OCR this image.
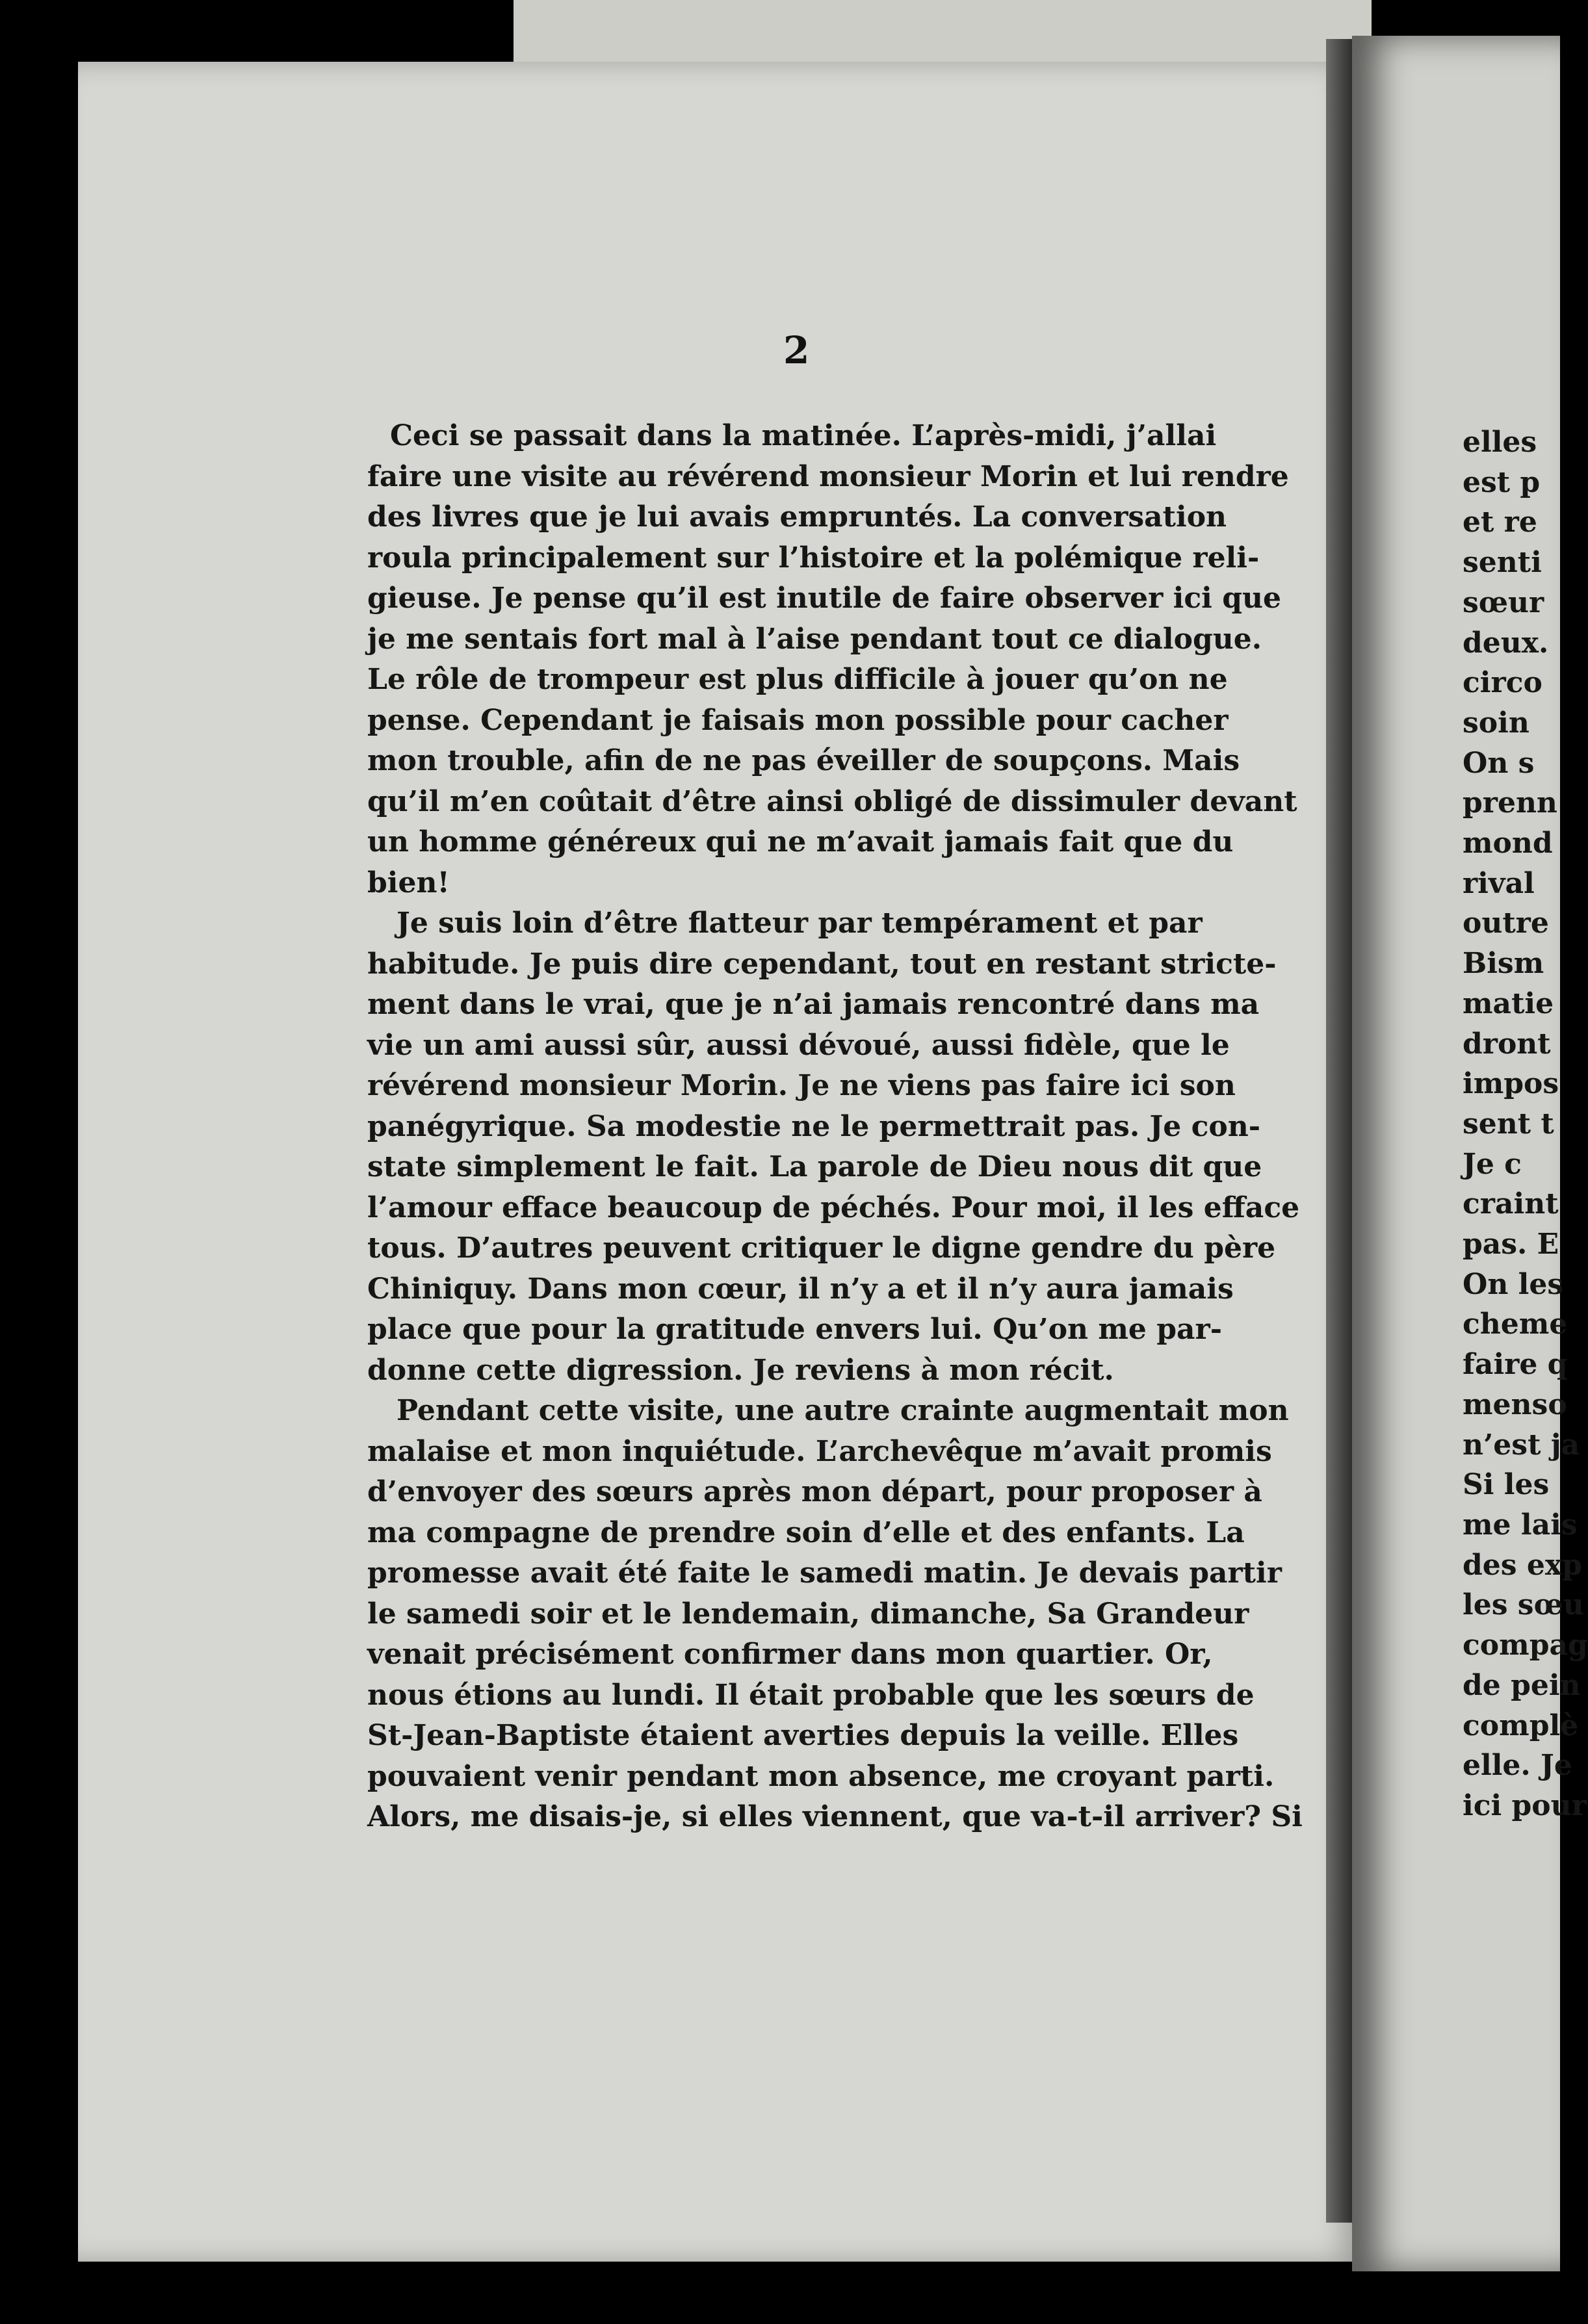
2
Ceci se passait dans la matinée. L’après-midi, j’allai
faire une visite au révérend monsieur Morin et lui rendre
des livres que je lui avais empruntés. La conversation
roula principalement sur l’histoire et la polémique reli-
gieuse. Je pense qu’il est inutile de faire observer ici que
je me sentais fort mal à l’aise pendant tout ce dialogue.
Le rôle de trompeur est plus difficile à jouer qu’on ne
pense. Cependant je faisais mon possible pour cacher
mon trouble, afin de ne pas éveiller de soupçons. Mais
qu’il m’en coûtait d’être ainsi obligé de dissimuler devant
un homme généreux qui ne m’avait jamais fait que du
bien!
Je suis loin d’être flatteur par tempérament et par
habitude. Je puis dire cependant, tout en restant stricte-
ment dans le vrai, que je n’ai jamais rencontré dans ma
vie un ami aussi sûr, aussi dévoué, aussi fidèle, que le
révérend monsieur Morin. Je ne viens pas faire ici son
panégyrique. Sa modestie ne le permettrait pas. Je con-
state simplement le fait. La parole de Dieu nous dit que
l’amour efface beaucoup de péchés. Pour moi, il les efface
tous. D’autres peuvent critiquer le digne gendre du père
Chiniquy. Dans mon cœur, il n’y a et il n’y aura jamais
place que pour la gratitude envers lui. Qu’on me par-
donne cette digression. Je reviens à mon récit.
Pendant cette visite, une autre crainte augmentait mon
malaise et mon inquiétude. L’archevêque m’avait promis
d’envoyer des sœurs après mon départ, pour proposer à
ma compagne de prendre soin d’elle et des enfants. La
promesse avait été faite le samedi matin. Je devais partir
le samedi soir et le lendemain, dimanche, Sa Grandeur
venait précisément confirmer dans mon quartier. Or,
nous étions au lundi. Il était probable que les sœurs de
St-Jean-Baptiste étaient averties depuis la veille. Elles
pouvaient venir pendant mon absence, me croyant parti.
Alors, me disais-je, si elles viennent, que va-t-il arriver? Si
elles
est p
et re
senti
sœur
deux.
circo
soin
On s
prenn
mond
rival
outre
Bism
matie
dront
impos
sent t
Je c
craint
pas. E
On les
cheme
faire q
menso
n’est ja
Si les
me lais
des exp
les sœu
compag
de pein
complè
elle. Je
ici pour
